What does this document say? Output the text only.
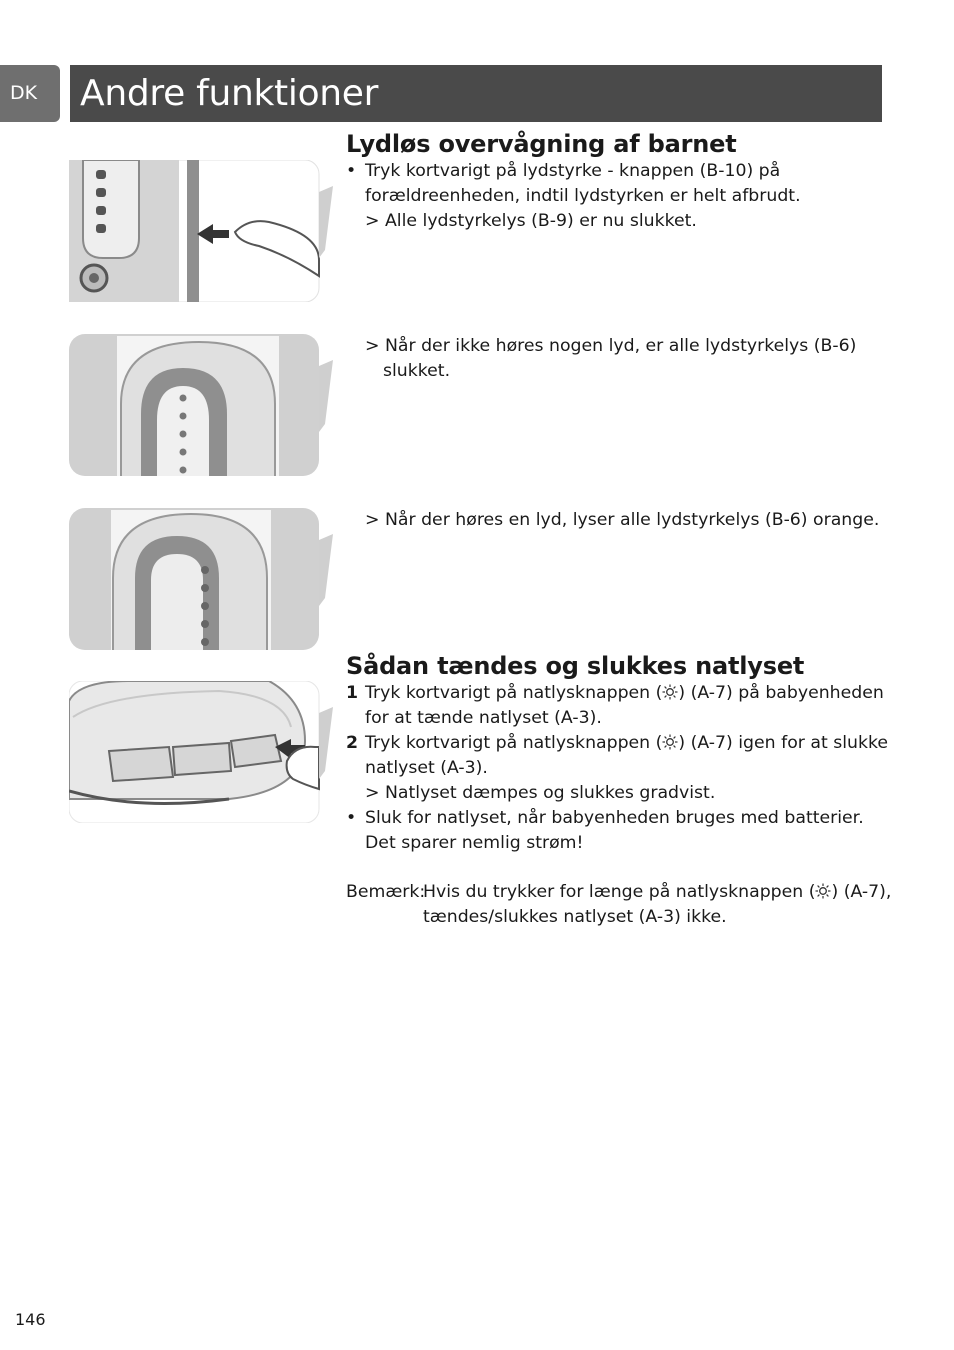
DK	Andre funktioner
Lydløs overvågning af barnet
• Tryk kortvarigt på lydstyrke - knappen (B-10) på

forældreenheden, indtil lydstyrken er helt afbrudt.

> Alle lydstyrkelys (B-9) er nu slukket.

> Når der ikke høres nogen lyd, er alle lydstyrkelys (B-6)

slukket.

> Når der høres en lyd, lyser alle lydstyrkelys (B-6) orange.

Sådan tændes og slukkes natlyset
1 Tryk kortvarigt på natlysknappen ( ) (A-7) på babyenheden

for at tænde natlyset (A-3).

2 Tryk kortvarigt på natlysknappen ( ) (A-7) igen for at slukke

natlyset (A-3).

> Natlyset dæmpes og slukkes gradvist.

• Sluk for natlyset, når babyenheden bruges med batterier.

Det sparer nemlig strøm!

Bemærk:

Hvis du trykker for længe på natlysknappen ( ) (A-7),

tændes/slukkes natlyset (A-3) ikke.

146
